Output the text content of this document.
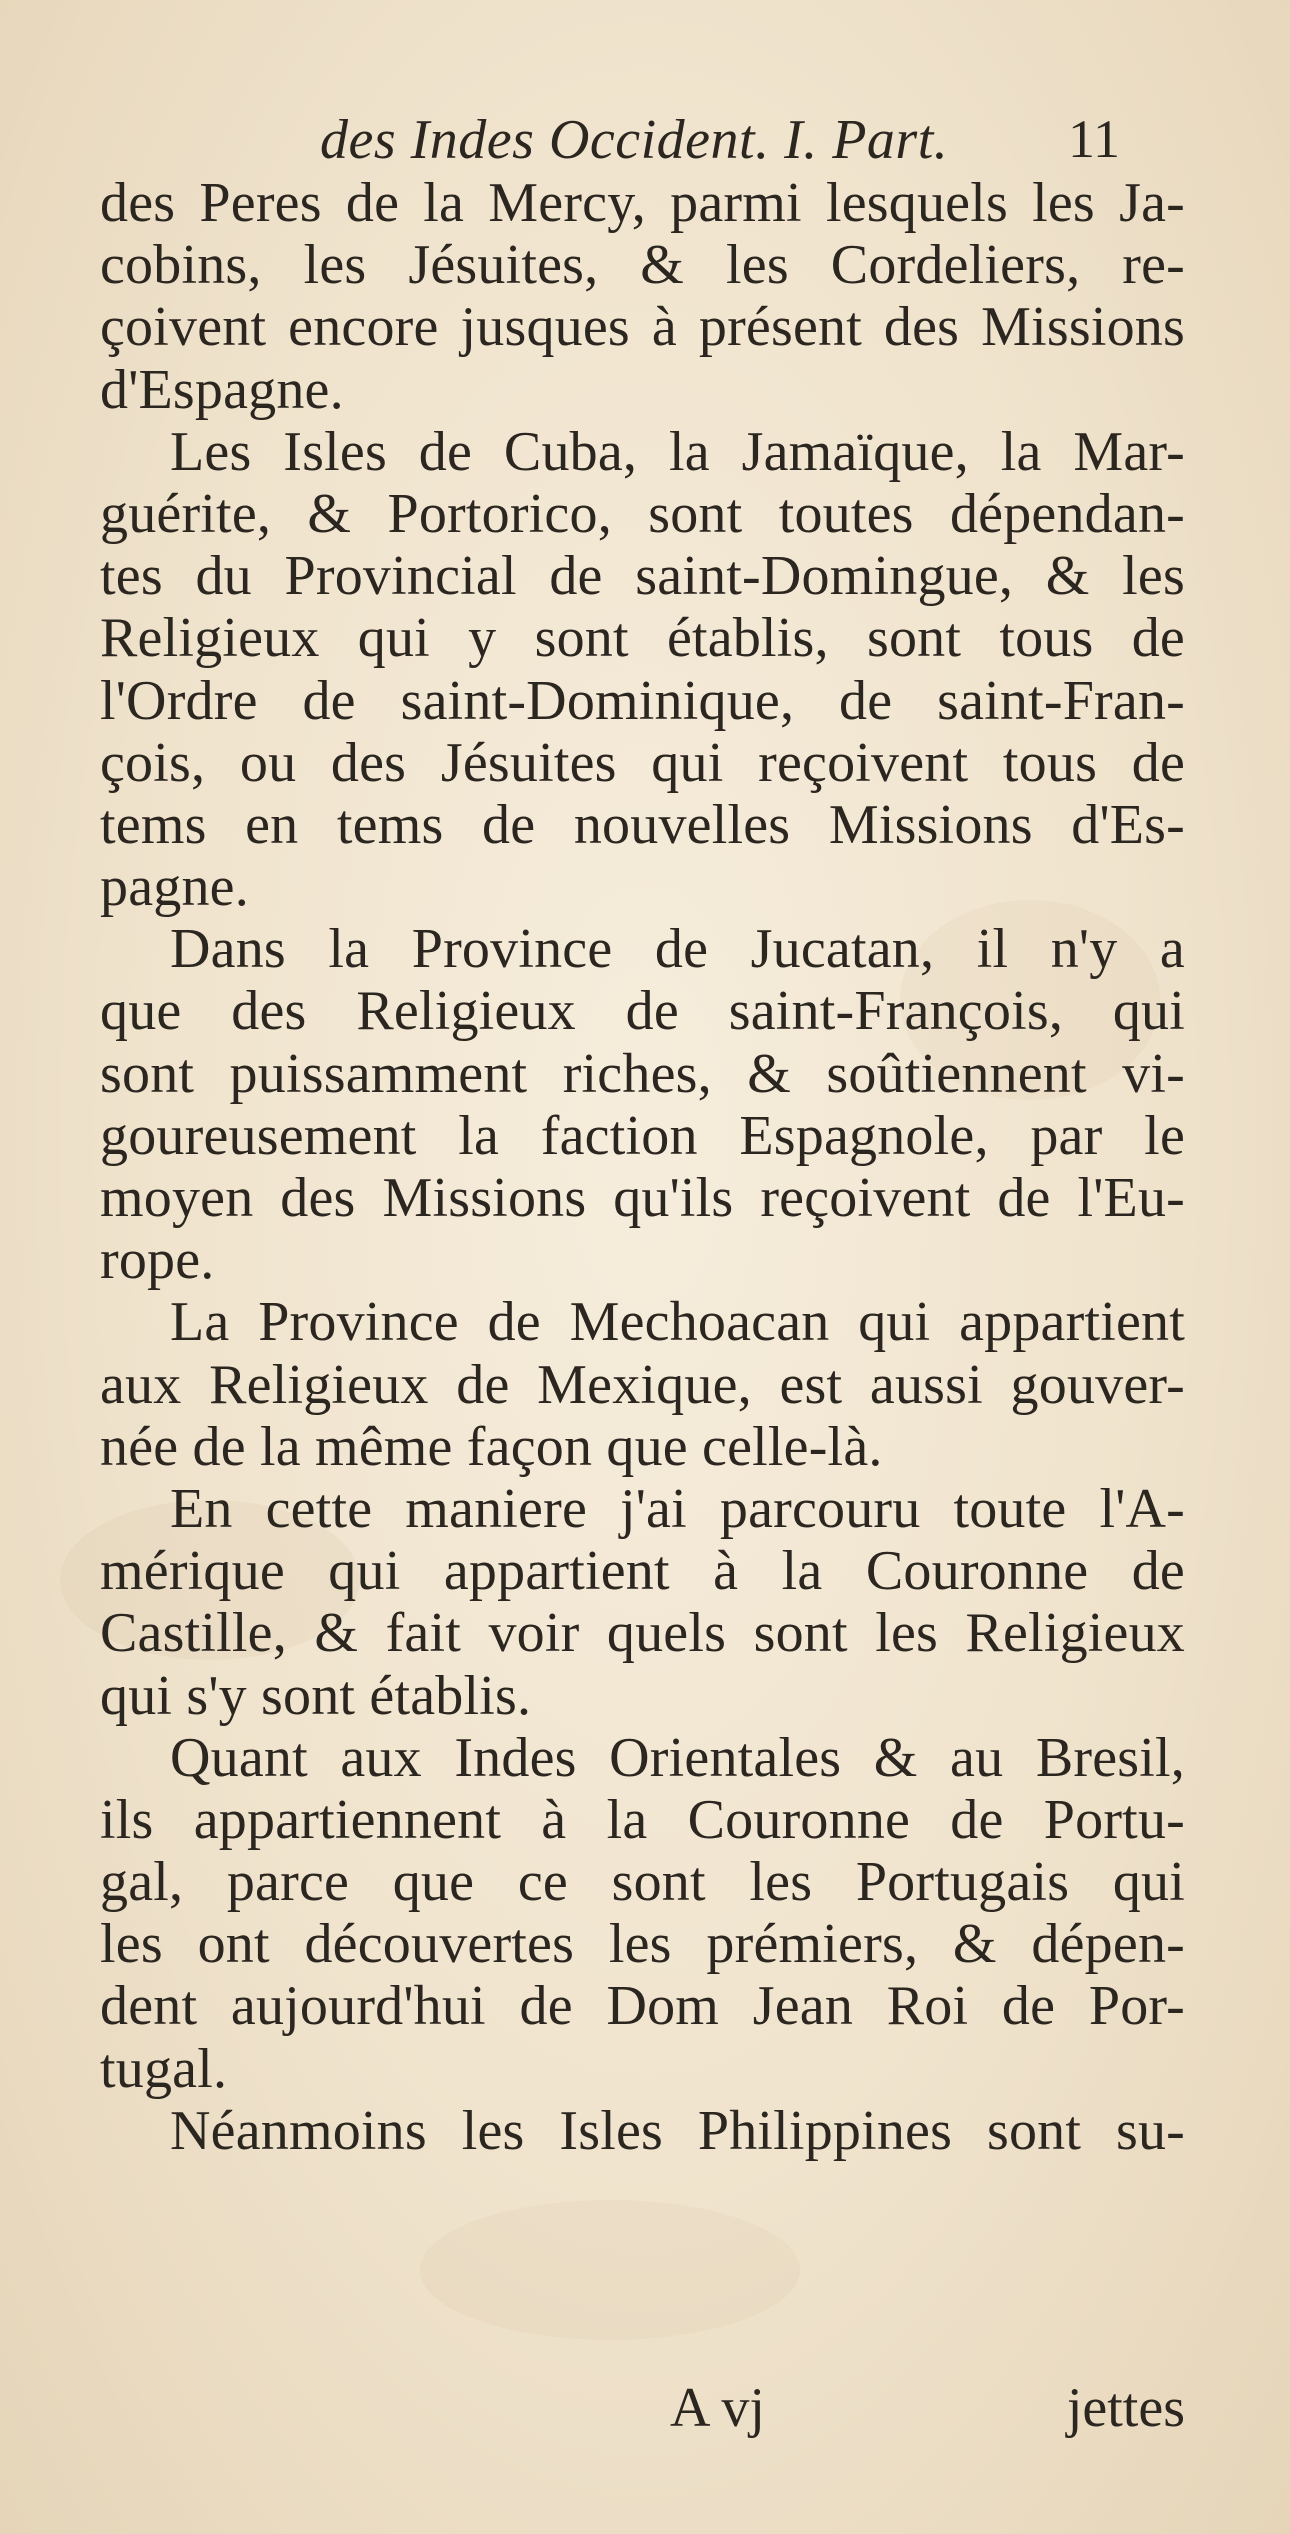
des Indes Occident. I. Part. 11
des Peres de la Mercy, parmi lesquels les Ja-
cobins, les Jésuites, & les Cordeliers, re-
çoivent encore jusques à présent des Missions
d'Espagne.
Les Isles de Cuba, la Jamaïque, la Mar-
guérite, & Portorico, sont toutes dépendan-
tes du Provincial de saint-Domingue, & les
Religieux qui y sont établis, sont tous de
l'Ordre de saint-Dominique, de saint-Fran-
çois, ou des Jésuites qui reçoivent tous de
tems en tems de nouvelles Missions d'Es-
pagne.
Dans la Province de Jucatan, il n'y a
que des Religieux de saint-François, qui
sont puissamment riches, & soûtiennent vi-
goureusement la faction Espagnole, par le
moyen des Missions qu'ils reçoivent de l'Eu-
rope.
La Province de Mechoacan qui appartient
aux Religieux de Mexique, est aussi gouver-
née de la même façon que celle-là.
En cette maniere j'ai parcouru toute l'A-
mérique qui appartient à la Couronne de
Castille, & fait voir quels sont les Religieux
qui s'y sont établis.
Quant aux Indes Orientales & au Bresil,
ils appartiennent à la Couronne de Portu-
gal, parce que ce sont les Portugais qui
les ont découvertes les prémiers, & dépen-
dent aujourd'hui de Dom Jean Roi de Por-
tugal.
Néanmoins les Isles Philippines sont su-
A vj	jettes
